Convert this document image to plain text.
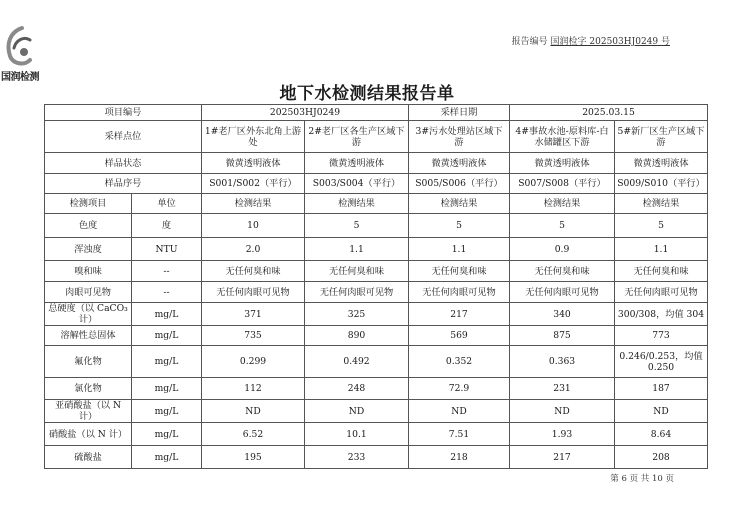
国润检测
报告编号 国润检字 202503HJ0249 号
地下水检测结果报告单
项目编号		202503HJ0249		采样日期	2025.03.15	
采样点位		1#老厂区外东北角上游处	2#老厂区各生产区域下游	3#污水处理站区域下游	4#事故水池-原料库-白水储罐区下游	5#新厂区生产区域下游
样品状态		微黄透明液体	微黄透明液体	微黄透明液体	微黄透明液体	微黄透明液体
样品序号		S001/S002（平行）	S003/S004（平行）	S005/S006（平行）	S007/S008（平行）	S009/S010（平行）
检测项目	单位	检测结果	检测结果	检测结果	检测结果	检测结果
色度	度	10	5	5	5	5
浑浊度	NTU	2.0	1.1	1.1	0.9	1.1
嗅和味	--	无任何臭和味	无任何臭和味	无任何臭和味	无任何臭和味	无任何臭和味
肉眼可见物	--	无任何肉眼可见物	无任何肉眼可见物	无任何肉眼可见物	无任何肉眼可见物	无任何肉眼可见物
总硬度（以 CaCO₃ 计）	mg/L	371	325	217	340	300/308，均值 304
溶解性总固体	mg/L	735	890	569	875	773
氟化物	mg/L	0.299	0.492	0.352	0.363	0.246/0.253，均值 0.250
氯化物	mg/L	112	248	72.9	231	187
亚硝酸盐（以 N 计）	mg/L	ND	ND	ND	ND	ND
硝酸盐（以 N 计）	mg/L	6.52	10.1	7.51	1.93	8.64
硫酸盐	mg/L	195	233	218	217	208
第 6 页 共 10 页
